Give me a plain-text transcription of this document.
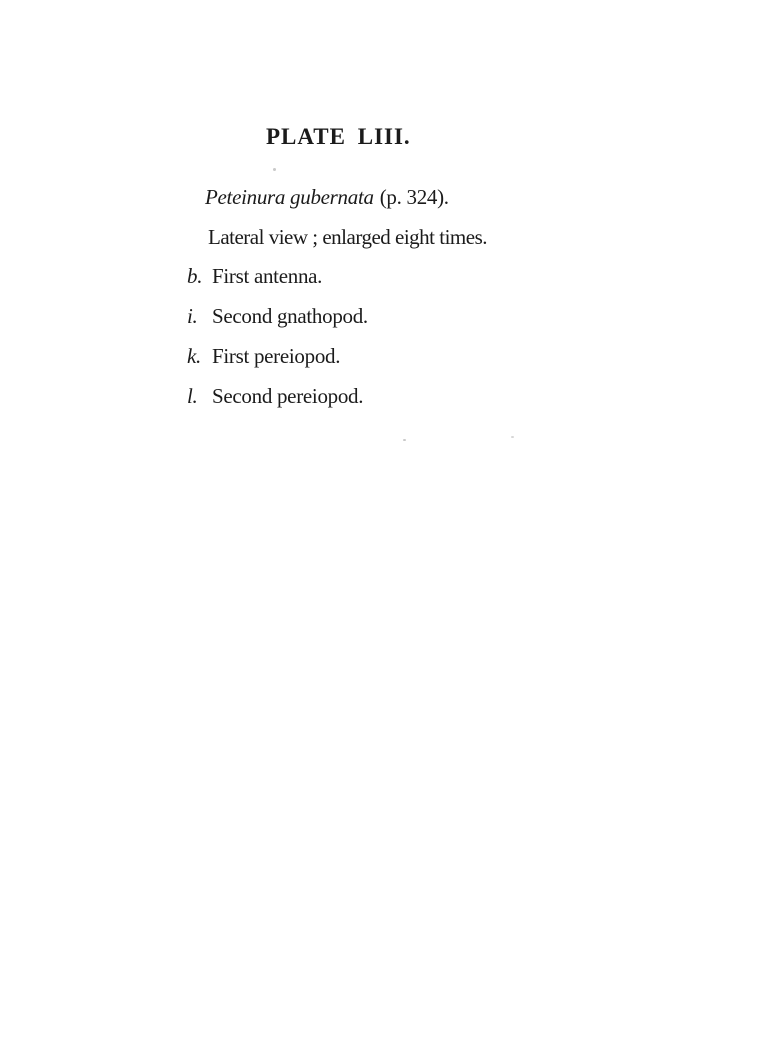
PLATE LIII.
Peteinura gubernata (p. 324).
Lateral view ; enlarged eight times.
b. First antenna.
i. Second gnathopod.
k. First pereiopod.
l. Second pereiopod.
